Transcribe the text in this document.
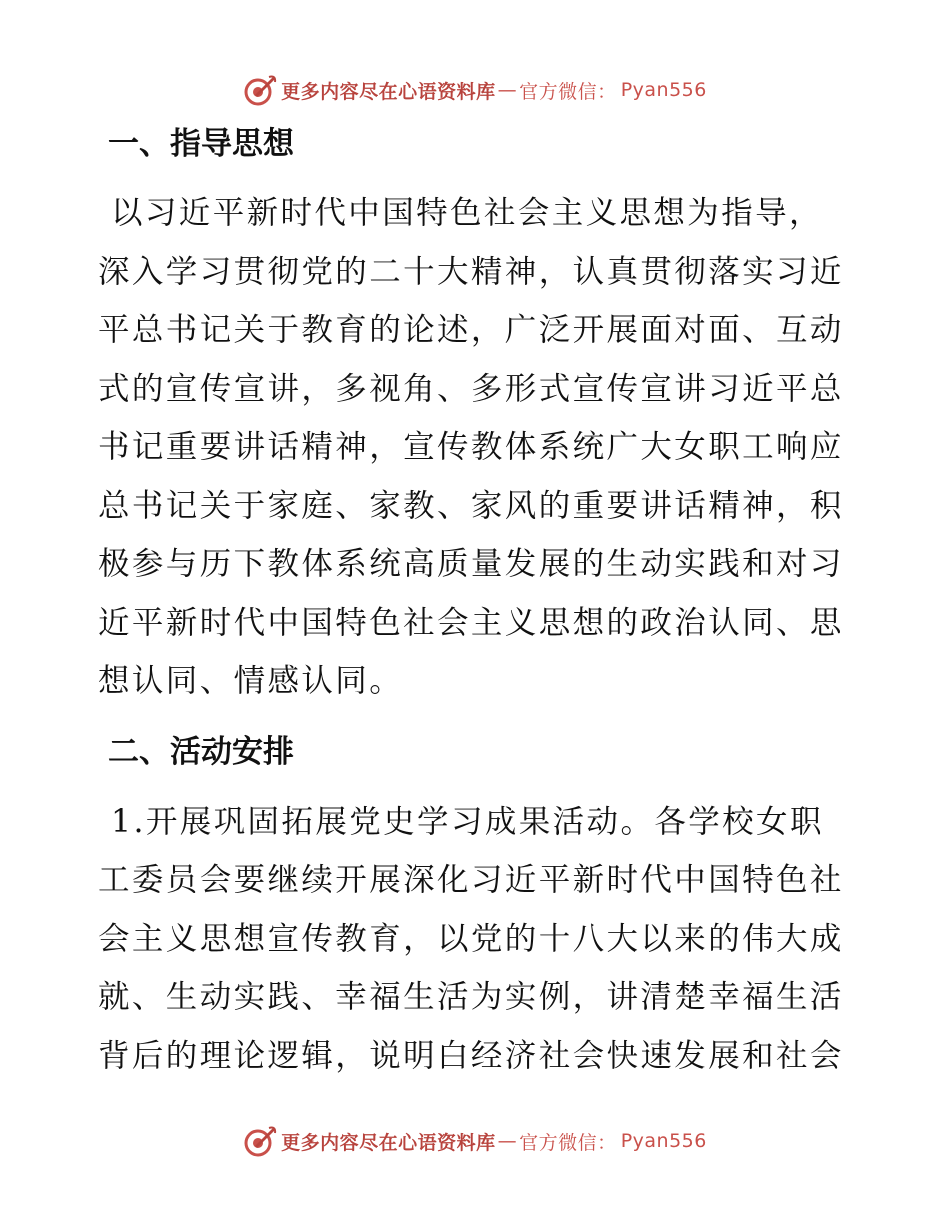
更多内容尽在心语资料库 — 官方微信： Pyan556
一、指导思想

以习近平新时代中国特色社会主义思想为指导，
深入学习贯彻党的二十大精神，认真贯彻落实习近
平总书记关于教育的论述，广泛开展面对面、互动
式的宣传宣讲，多视角、多形式宣传宣讲习近平总
书记重要讲话精神，宣传教体系统广大女职工响应
总书记关于家庭、家教、家风的重要讲话精神，积
极参与历下教体系统高质量发展的生动实践和对习
近平新时代中国特色社会主义思想的政治认同、思
想认同、情感认同。

二、活动安排

1.开展巩固拓展党史学习成果活动。各学校女职
工委员会要继续开展深化习近平新时代中国特色社
会主义思想宣传教育，以党的十八大以来的伟大成
就、生动实践、幸福生活为实例，讲清楚幸福生活
背后的理论逻辑，说明白经济社会快速发展和社会

更多内容尽在心语资料库 — 官方微信： Pyan556
